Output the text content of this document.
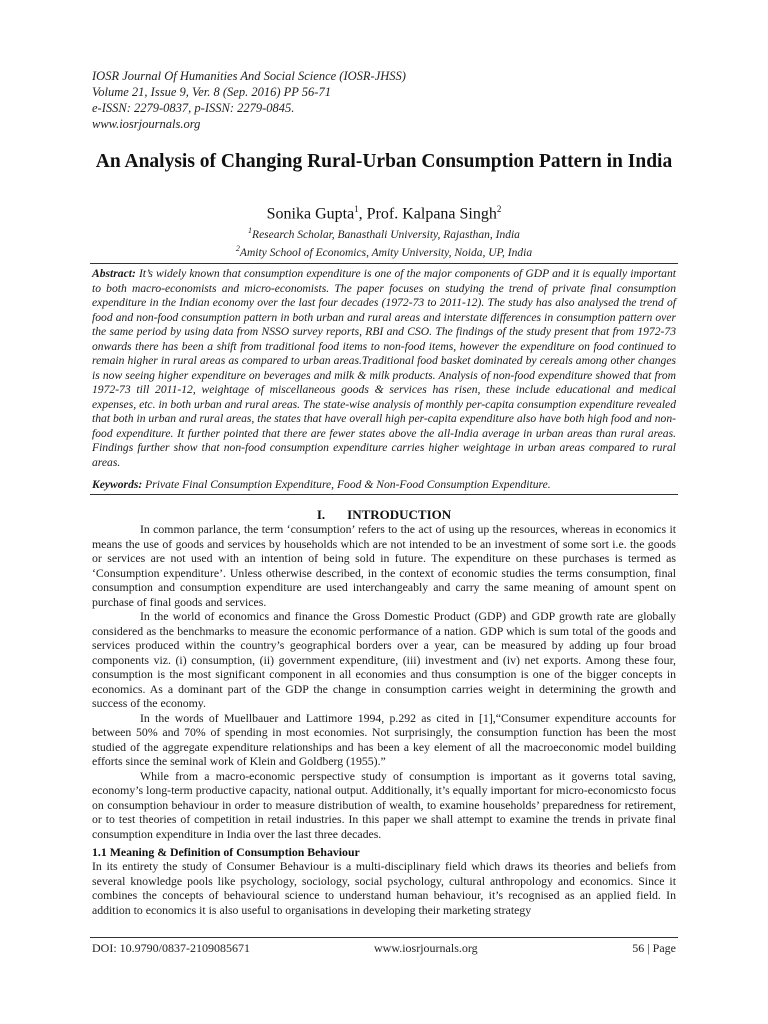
IOSR Journal Of Humanities And Social Science (IOSR-JHSS)
Volume 21, Issue 9, Ver. 8 (Sep. 2016) PP 56-71
e-ISSN: 2279-0837, p-ISSN: 2279-0845.
www.iosrjournals.org
An Analysis of Changing Rural-Urban Consumption Pattern in India
Sonika Gupta$^1$, Prof. Kalpana Singh$^2$
$^1$Research Scholar, Banasthali University, Rajasthan, India
$^2$Amity School of Economics, Amity University, Noida, UP, India
Abstract: It’s widely known that consumption expenditure is one of the major components of GDP and it is equally important to both macro-economists and micro-economists. The paper focuses on studying the trend of private final consumption expenditure in the Indian economy over the last four decades (1972-73 to 2011-12). The study has also analysed the trend of food and non-food consumption pattern in both urban and rural areas and interstate differences in consumption pattern over the same period by using data from NSSO survey reports, RBI and CSO. The findings of the study present that from 1972-73 onwards there has been a shift from traditional food items to non-food items, however the expenditure on food continued to remain higher in rural areas as compared to urban areas.Traditional food basket dominated by cereals among other changes is now seeing higher expenditure on beverages and milk & milk products. Analysis of non-food expenditure showed that from 1972-73 till 2011-12, weightage of miscellaneous goods & services has risen, these include educational and medical expenses, etc. in both urban and rural areas. The state-wise analysis of monthly per-capita consumption expenditure revealed that both in urban and rural areas, the states that have overall high per-capita expenditure also have both high food and non-food expenditure. It further pointed that there are fewer states above the all-India average in urban areas than rural areas. Findings further show that non-food consumption expenditure carries higher weightage in urban areas compared to rural areas.
Keywords: Private Final Consumption Expenditure, Food & Non-Food Consumption Expenditure.
I. INTRODUCTION

In common parlance, the term ‘consumption’ refers to the act of using up the resources, whereas in economics it means the use of goods and services by households which are not intended to be an investment of some sort i.e. the goods or services are not used with an intention of being sold in future. The expenditure on these purchases is termed as ‘Consumption expenditure’. Unless otherwise described, in the context of economic studies the terms consumption, final consumption and consumption expenditure are used interchangeably and carry the same meaning of amount spent on purchase of final goods and services.

In the world of economics and finance the Gross Domestic Product (GDP) and GDP growth rate are globally considered as the benchmarks to measure the economic performance of a nation. GDP which is sum total of the goods and services produced within the country’s geographical borders over a year, can be measured by adding up four broad components viz. (i) consumption, (ii) government expenditure, (iii) investment and (iv) net exports. Among these four, consumption is the most significant component in all economies and thus consumption is one of the bigger concepts in economics. As a dominant part of the GDP the change in consumption carries weight in determining the growth and success of the economy.

In the words of Muellbauer and Lattimore 1994, p.292 as cited in [1],“Consumer expenditure accounts for between 50% and 70% of spending in most economies. Not surprisingly, the consumption function has been the most studied of the aggregate expenditure relationships and has been a key element of all the macroeconomic model building efforts since the seminal work of Klein and Goldberg (1955).”

While from a macro-economic perspective study of consumption is important as it governs total saving, economy’s long-term productive capacity, national output. Additionally, it’s equally important for micro-economicsto focus on consumption behaviour in order to measure distribution of wealth, to examine households’ preparedness for retirement, or to test theories of competition in retail industries. In this paper we shall attempt to examine the trends in private final consumption expenditure in India over the last three decades.

1.1 Meaning & Definition of Consumption Behaviour

In its entirety the study of Consumer Behaviour is a multi-disciplinary field which draws its theories and beliefs from several knowledge pools like psychology, sociology, social psychology, cultural anthropology and economics. Since it combines the concepts of behavioural science to understand human behaviour, it’s recognised as an applied field. In addition to economics it is also useful to organisations in developing their marketing strategy

DOI: 10.9790/0837-2109085671	www.iosrjournals.org	56 | Page
